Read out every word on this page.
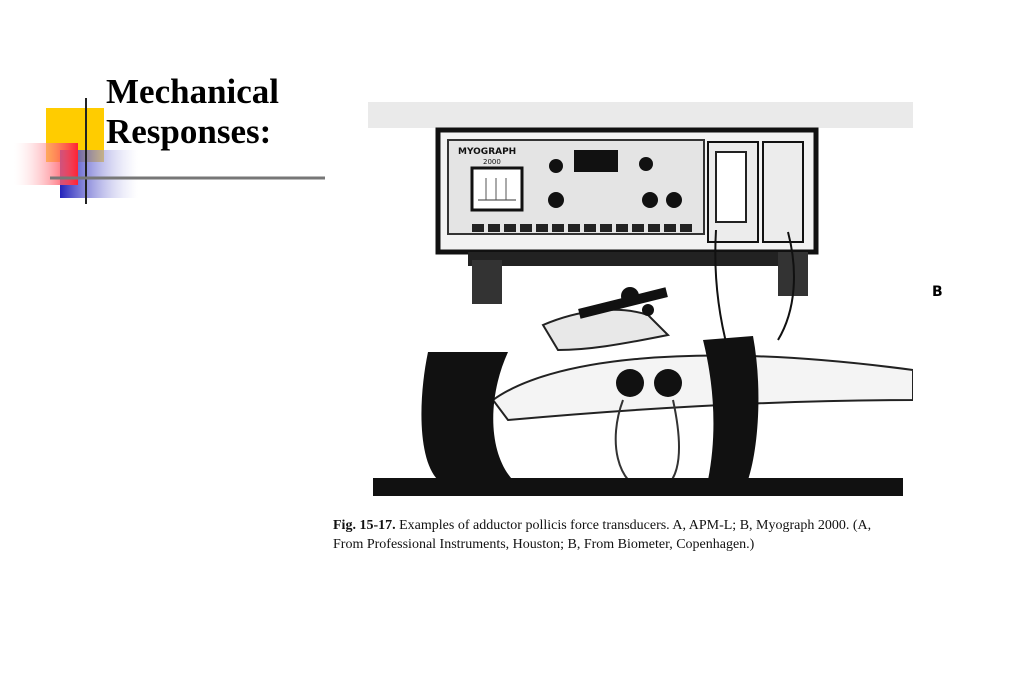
Mechanical
Responses:
MYOGRAPH
2000
B
Fig. 15-17. Examples of adductor pollicis force transducers. A, APM-L; B, Myograph 2000. (A,
From Professional Instruments, Houston; B, From Biometer, Copenhagen.)
